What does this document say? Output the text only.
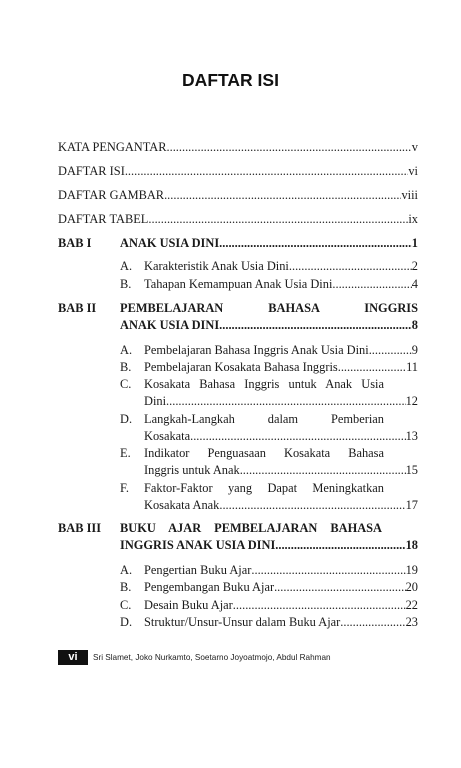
DAFTAR ISI
KATA PENGANTAR .....	v
DAFTAR ISI .....	vi
DAFTAR GAMBAR .....	viii
DAFTAR TABEL .....	ix
BAB I	ANAK USIA DINI .....	1
A. Karakteristik Anak Usia Dini .....	2
B.	Tahapan Kemampuan Anak Usia Dini .....	4
BAB II	PEMBELAJARAN BAHASA INGGRIS
ANAK USIA DINI .....	8
A. Pembelajaran Bahasa Inggris Anak Usia Dini .....	9
B.	Pembelajaran Kosakata Bahasa Inggris .....	11
C.	Kosakata Bahasa Inggris untuk Anak Usia
Dini .....	12
D. Langkah-Langkah dalam Pemberian
Kosakata .....	13
E.	Indikator Penguasaan Kosakata Bahasa
Inggris untuk Anak .....	15
F.	Faktor-Faktor yang Dapat Meningkatkan
Kosakata Anak .....	17
BAB III	BUKU AJAR PEMBELAJARAN BAHASA
INGGRIS ANAK USIA DINI .....	18
A. Pengertian Buku Ajar .....	19
B.	Pengembangan Buku Ajar .....	20
C.	Desain Buku Ajar .....	22
D. Struktur/Unsur-Unsur dalam Buku Ajar .....	23
vi	Sri Slamet, Joko Nurkamto, Soetarno Joyoatmojo, Abdul Rahman
